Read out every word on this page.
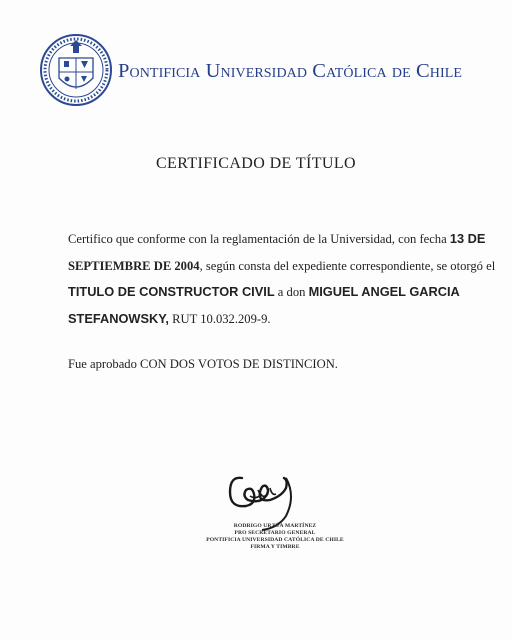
Pontificia Universidad Católica de Chile
CERTIFICADO DE TÍTULO
Certifico que conforme con la reglamentación de la Universidad, con fecha 13 DE
SEPTIEMBRE DE 2004, según consta del expediente correspondiente, se otorgó el
TITULO DE CONSTRUCTOR CIVIL a don MIGUEL ANGEL GARCIA
STEFANOWSKY, RUT 10.032.209-9.
Fue aprobado CON DOS VOTOS DE DISTINCION.
RODRIGO URZÚA MARTÍNEZ
PRO SECRETARIO GENERAL
PONTIFICIA UNIVERSIDAD CATÓLICA DE CHILE
FIRMA Y TIMBRE
